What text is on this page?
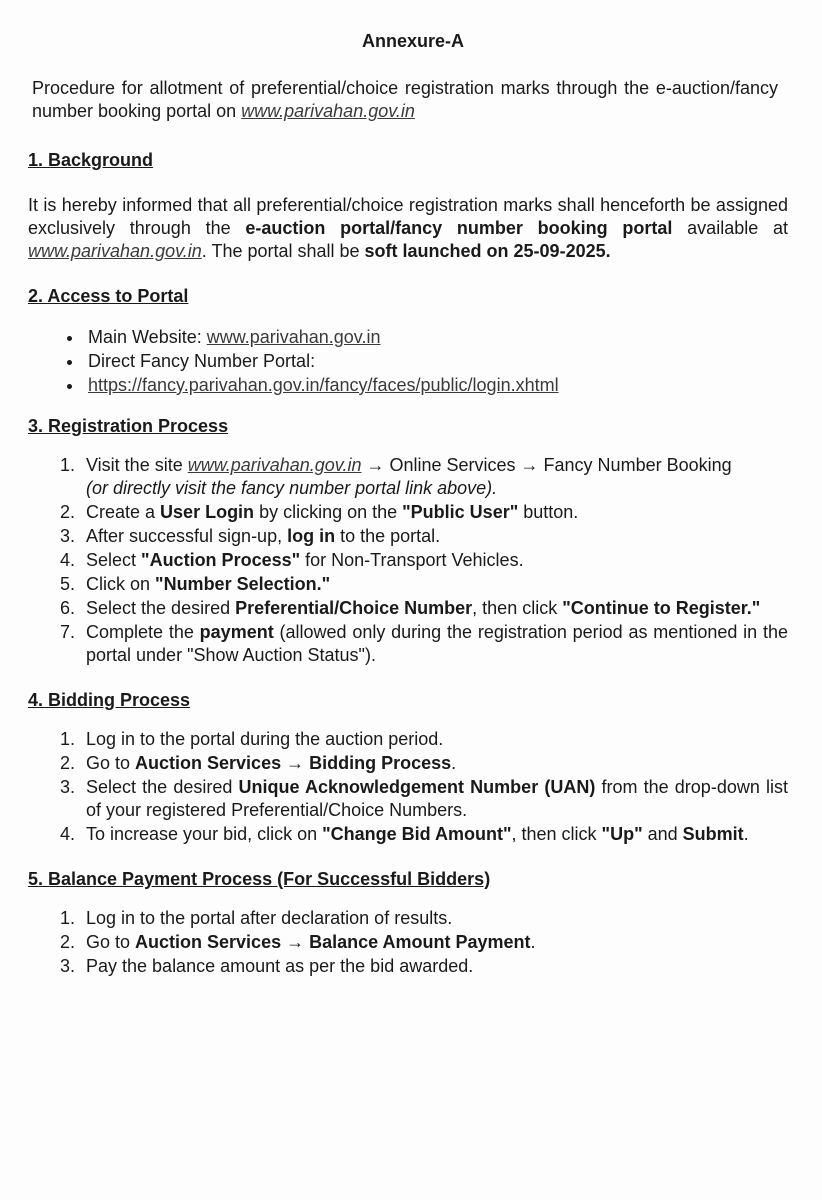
Annexure-A

Procedure for allotment of preferential/choice registration marks through the e-auction/fancy number booking portal on www.parivahan.gov.in

1. Background

It is hereby informed that all preferential/choice registration marks shall henceforth be assigned exclusively through the e-auction portal/fancy number booking portal available at www.parivahan.gov.in. The portal shall be soft launched on 25-09-2025.

2. Access to Portal
• Main Website: www.parivahan.gov.in
• Direct Fancy Number Portal:
• https://fancy.parivahan.gov.in/fancy/faces/public/login.xhtml
3. Registration Process
1. Visit the site www.parivahan.gov.in → Online Services → Fancy Number Booking
(or directly visit the fancy number portal link above).
2. Create a User Login by clicking on the "Public User" button.
3. After successful sign-up, log in to the portal.
4. Select "Auction Process" for Non-Transport Vehicles.
5. Click on "Number Selection."
6. Select the desired Preferential/Choice Number, then click "Continue to Register."
7. Complete the payment (allowed only during the registration period as mentioned in the portal under "Show Auction Status").
4. Bidding Process
1. Log in to the portal during the auction period.
2. Go to Auction Services → Bidding Process.
3. Select the desired Unique Acknowledgement Number (UAN) from the drop-down list of your registered Preferential/Choice Numbers.
4. To increase your bid, click on "Change Bid Amount", then click "Up" and Submit.
5. Balance Payment Process (For Successful Bidders)
1. Log in to the portal after declaration of results.
2. Go to Auction Services → Balance Amount Payment.
3. Pay the balance amount as per the bid awarded.
